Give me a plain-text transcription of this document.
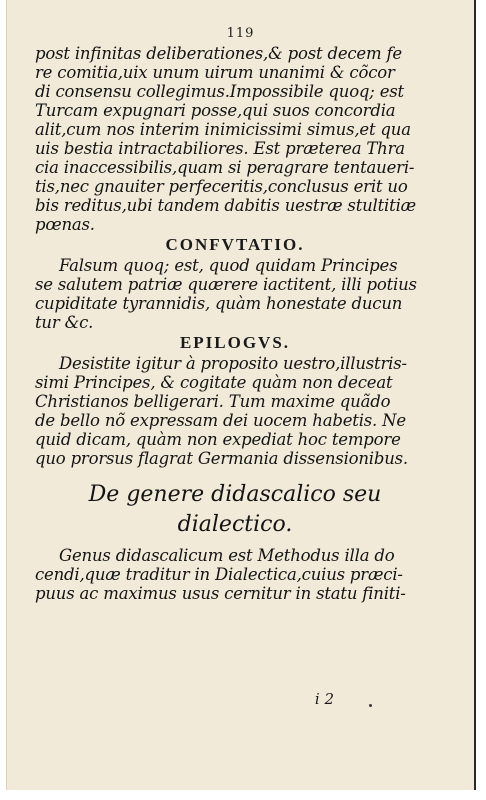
119
post infinitas deliberationes,& post decem fe
re comitia,uix unum uirum unanimi & cõcor
di consensu collegimus.Impossibile quoq; est
Turcam expugnari posse,qui suos concordia
alit,cum nos interim inimicissimi simus,et qua
uis bestia intractabiliores. Est præterea Thra
cia inaccessibilis,quam si peragrare tentaueri-
tis,nec gnauiter perfeceritis,conclusus erit uo
bis reditus,ubi tandem dabitis uestræ stultitiæ
pœnas.
CONFVTATIO.
Falsum quoq; est, quod quidam Principes
se salutem patriæ quærere iactitent, illi potius
cupiditate tyrannidis, quàm honestate ducun
tur &c.
EPILOGVS.
Desistite igitur à proposito uestro,illustris-
simi Principes, & cogitate quàm non deceat
Christianos belligerari. Tum maxime quãdo
de bello nõ expressam dei uocem habetis. Ne
quid dicam, quàm non expediat hoc tempore
quo prorsus flagrat Germania dissensionibus.
De genere didascalico seu
dialectico.
Genus didascalicum est Methodus illa do
cendi,quæ traditur in Dialectica,cuius præci-
puus ac maximus usus cernitur in statu finiti-
i 2
